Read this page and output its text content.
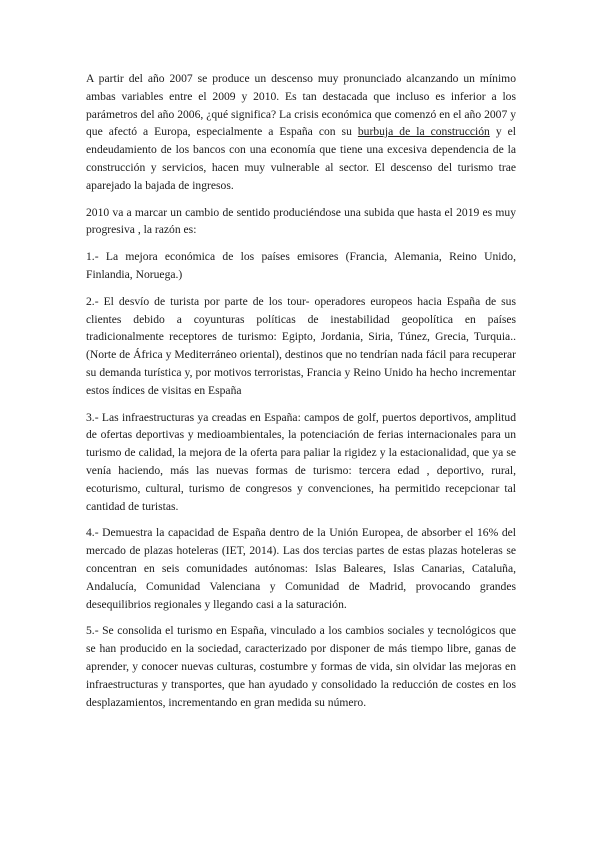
A partir del año 2007 se produce un descenso muy pronunciado alcanzando un mínimo ambas variables entre el 2009 y 2010. Es tan destacada que incluso es inferior a los parámetros del año 2006, ¿qué significa? La crisis económica que comenzó en el año 2007 y que afectó a Europa, especialmente a España con su burbuja de la construcción y el endeudamiento de los bancos con una economía que tiene una excesiva dependencia de la construcción y servicios, hacen muy vulnerable al sector. El descenso del turismo trae aparejado la bajada de ingresos.

2010 va a marcar un cambio de sentido produciéndose una subida que hasta el 2019 es muy progresiva , la razón es:

1.- La mejora económica de los países emisores (Francia, Alemania, Reino Unido, Finlandia, Noruega.)

2.- El desvío de turista por parte de los tour- operadores europeos hacia España de sus clientes debido a coyunturas políticas de inestabilidad geopolítica en países tradicionalmente receptores de turismo: Egipto, Jordania, Siria, Túnez, Grecia, Turquia..(Norte de África y Mediterráneo oriental), destinos que no tendrían nada fácil para recuperar su demanda turística y, por motivos terroristas, Francia y Reino Unido ha hecho incrementar estos índices de visitas en España

3.- Las infraestructuras ya creadas en España: campos de golf, puertos deportivos, amplitud de ofertas deportivas y medioambientales, la potenciación de ferias internacionales para un turismo de calidad, la mejora de la oferta para paliar la rigidez y la estacionalidad, que ya se venía haciendo, más las nuevas formas de turismo: tercera edad , deportivo, rural, ecoturismo, cultural, turismo de congresos y convenciones, ha permitido recepcionar tal cantidad de turistas.

4.- Demuestra la capacidad de España dentro de la Unión Europea, de absorber el 16% del mercado de plazas hoteleras (IET, 2014). Las dos tercias partes de estas plazas hoteleras se concentran en seis comunidades autónomas: Islas Baleares, Islas Canarias, Cataluña, Andalucía, Comunidad Valenciana y Comunidad de Madrid, provocando grandes desequilibrios regionales y llegando casi a la saturación.

5.- Se consolida el turismo en España, vinculado a los cambios sociales y tecnológicos que se han producido en la sociedad, caracterizado por disponer de más tiempo libre, ganas de aprender, y conocer nuevas culturas, costumbre y formas de vida, sin olvidar las mejoras en infraestructuras y transportes, que han ayudado y consolidado la reducción de costes en los desplazamientos, incrementando en gran medida su número.
